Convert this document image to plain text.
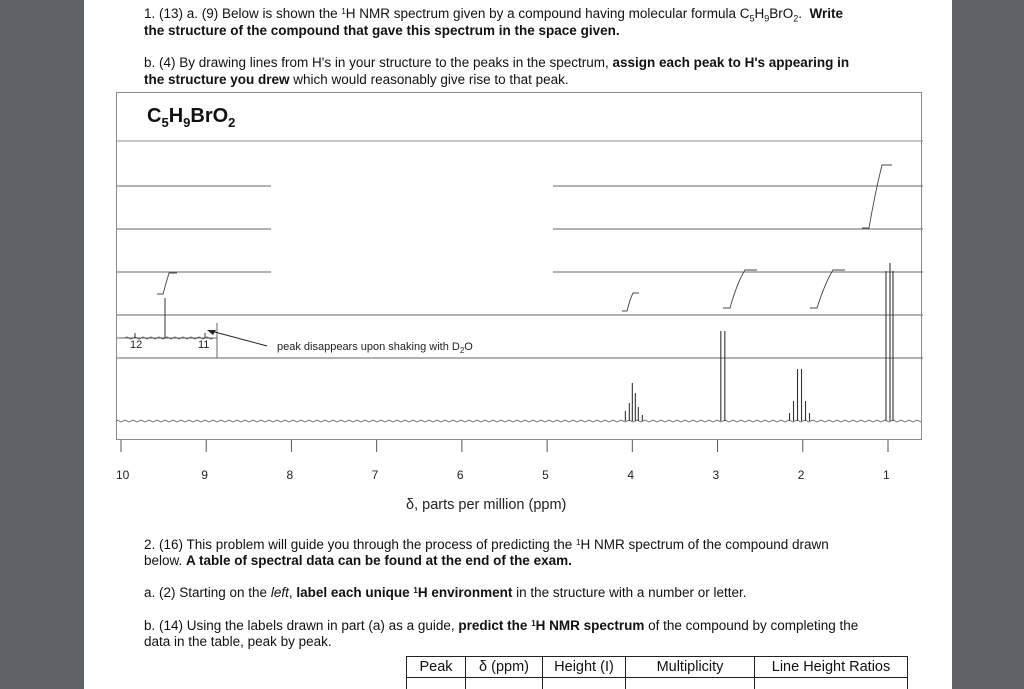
1. (13) a. (9) Below is shown the $^1$H NMR spectrum given by a compound having molecular formula $C_5H_9BrO_2$.  Write
the structure of the compound that gave this spectrum in the space given.
b. (4) By drawing lines from H's in your structure to the peaks in the spectrum, assign each peak to H's appearing in
the structure you drew which would reasonably give rise to that peak.
$C_5H_9BrO_2$
12	11	peak disappears upon shaking with $D_2O$
10	9	8	7	6	5	4	3	2	1
δ, parts per million (ppm)
2. (16) This problem will guide you through the process of predicting the $^1$H NMR spectrum of the compound drawn
below. A table of spectral data can be found at the end of the exam.
a. (2) Starting on the left, label each unique $^1$H environment in the structure with a number or letter.
b. (14) Using the labels drawn in part (a) as a guide, predict the $^1$H NMR spectrum of the compound by completing the
data in the table, peak by peak.
Peak	δ (ppm)	Height (I)	Multiplicity	Line Height Ratios
